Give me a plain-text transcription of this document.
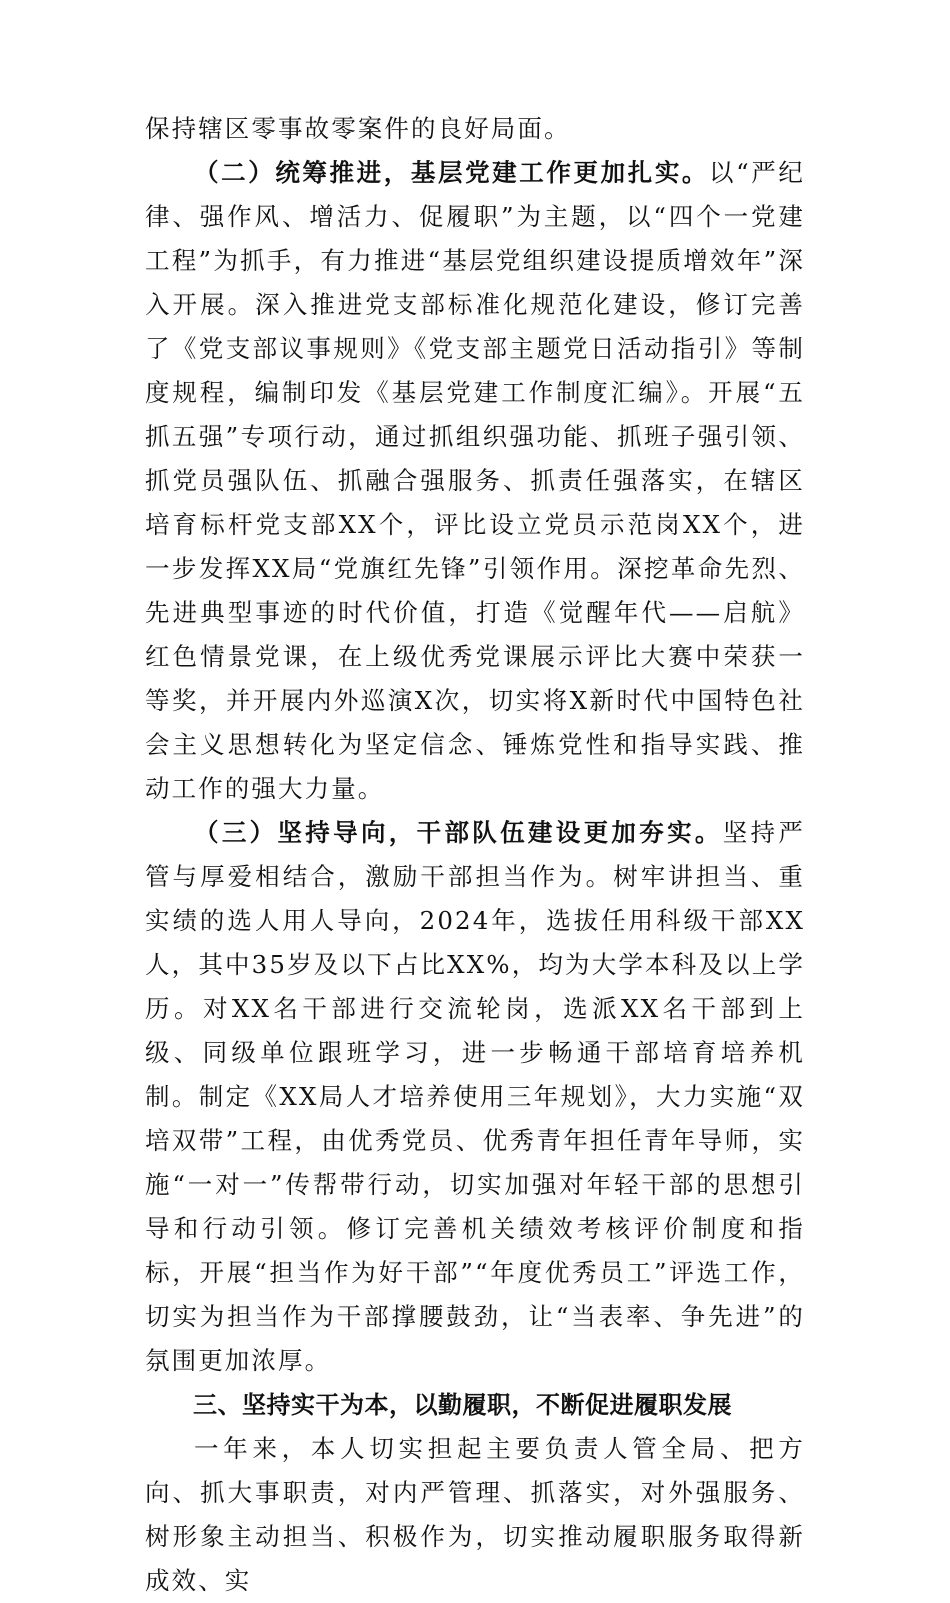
保持辖区零事故零案件的良好局面。

（二）统筹推进，基层党建工作更加扎实。以“严纪律、强作风、增活力、促履职”为主题，以“四个一党建工程”为抓手，有力推进“基层党组织建设提质增效年”深入开展。深入推进党支部标准化规范化建设，修订完善了《党支部议事规则》《党支部主题党日活动指引》等制度规程，编制印发《基层党建工作制度汇编》。开展“五抓五强”专项行动，通过抓组织强功能、抓班子强引领、抓党员强队伍、抓融合强服务、抓责任强落实，在辖区培育标杆党支部XX个，评比设立党员示范岗XX个，进一步发挥XX局“党旗红先锋”引领作用。深挖革命先烈、先进典型事迹的时代价值，打造《觉醒年代——启航》红色情景党课，在上级优秀党课展示评比大赛中荣获一等奖，并开展内外巡演X次，切实将X新时代中国特色社会主义思想转化为坚定信念、锤炼党性和指导实践、推动工作的强大力量。

（三）坚持导向，干部队伍建设更加夯实。坚持严管与厚爱相结合，激励干部担当作为。树牢讲担当、重实绩的选人用人导向，2024年，选拔任用科级干部XX人，其中35岁及以下占比XX%，均为大学本科及以上学历。对XX名干部进行交流轮岗，选派XX名干部到上级、同级单位跟班学习，进一步畅通干部培育培养机制。制定《XX局人才培养使用三年规划》，大力实施“双培双带”工程，由优秀党员、优秀青年担任青年导师，实施“一对一”传帮带行动，切实加强对年轻干部的思想引导和行动引领。修订完善机关绩效考核评价制度和指标，开展“担当作为好干部”“年度优秀员工”评选工作，切实为担当作为干部撑腰鼓劲，让“当表率、争先进”的氛围更加浓厚。

三、坚持实干为本，以勤履职，不断促进履职发展

一年来，本人切实担起主要负责人管全局、把方向、抓大事职责，对内严管理、抓落实，对外强服务、树形象主动担当、积极作为，切实推动履职服务取得新成效、实
